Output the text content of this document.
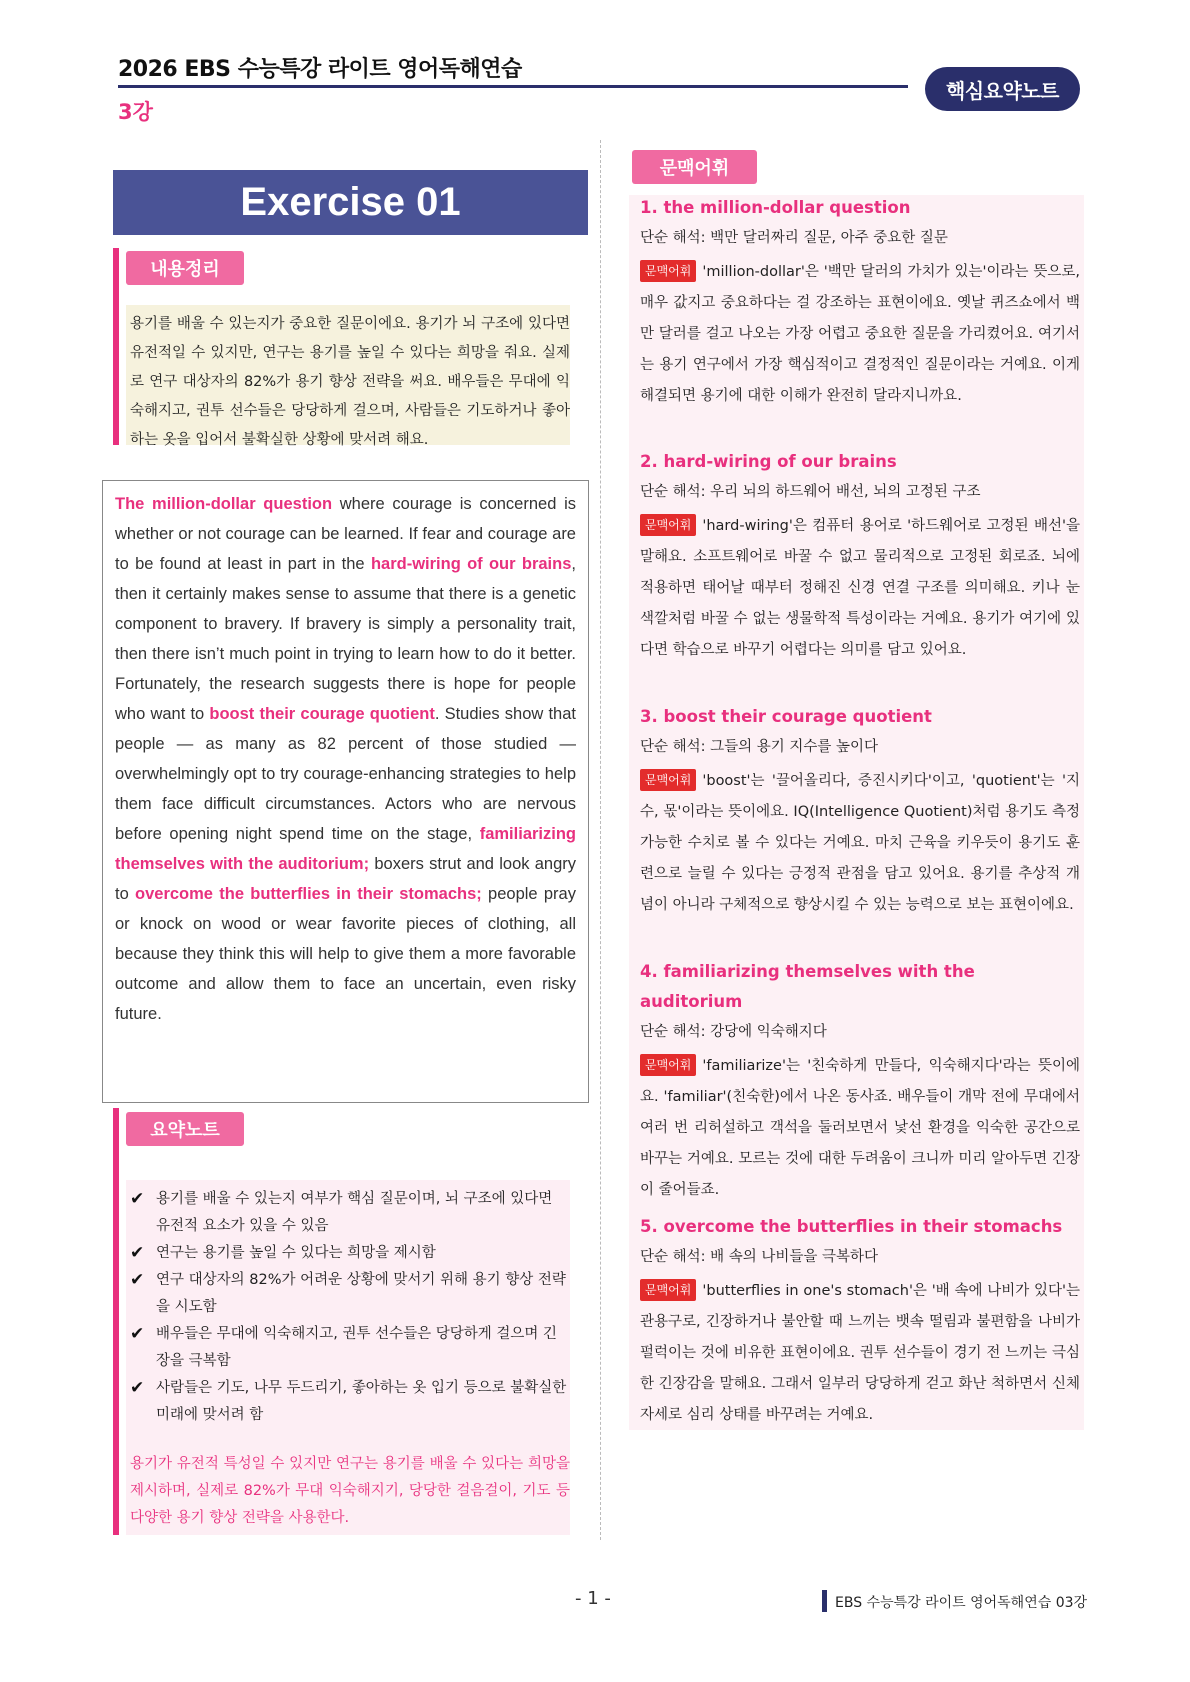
2026 EBS 수능특강 라이트 영어독해연습
3강
핵심요약노트
Exercise 01
내용정리
용기를 배울 수 있는지가 중요한 질문이에요. 용기가 뇌 구조에 있다면 유전적일 수 있지만, 연구는 용기를 높일 수 있다는 희망을 줘요. 실제로 연구 대상자의 82%가 용기 향상 전략을 써요. 배우들은 무대에 익숙해지고, 권투 선수들은 당당하게 걸으며, 사람들은 기도하거나 좋아하는 옷을 입어서 불확실한 상황에 맞서려 해요.
The million-dollar question where courage is concerned is whether or not courage can be learned. If fear and courage are to be found at least in part in the hard-wiring of our brains, then it certainly makes sense to assume that there is a genetic component to bravery. If bravery is simply a personality trait, then there isn’t much point in trying to learn how to do it better. Fortunately, the research suggests there is hope for people who want to boost their courage quotient. Studies show that people — as many as 82 percent of those studied — overwhelmingly opt to try courage-enhancing strategies to help them face difficult circumstances. Actors who are nervous before opening night spend time on the stage, familiarizing themselves with the auditorium; boxers strut and look angry to overcome the butterflies in their stomachs; people pray or knock on wood or wear favorite pieces of clothing, all because they think this will help to give them a more favorable outcome and allow them to face an uncertain, even risky future.
요약노트
✔ 용기를 배울 수 있는지 여부가 핵심 질문이며, 뇌 구조에 있다면 유전적 요소가 있을 수 있음
✔ 연구는 용기를 높일 수 있다는 희망을 제시함
✔ 연구 대상자의 82%가 어려운 상황에 맞서기 위해 용기 향상 전략을 시도함
✔ 배우들은 무대에 익숙해지고, 권투 선수들은 당당하게 걸으며 긴장을 극복함
✔ 사람들은 기도, 나무 두드리기, 좋아하는 옷 입기 등으로 불확실한 미래에 맞서려 함
용기가 유전적 특성일 수 있지만 연구는 용기를 배울 수 있다는 희망을 제시하며, 실제로 82%가 무대 익숙해지기, 당당한 걸음걸이, 기도 등 다양한 용기 향상 전략을 사용한다.
문맥어휘
1. the million-dollar question
단순 해석: 백만 달러짜리 질문, 아주 중요한 질문
문맥어휘 'million-dollar'은 '백만 달러의 가치가 있는'이라는 뜻으로, 매우 값지고 중요하다는 걸 강조하는 표현이에요. 옛날 퀴즈쇼에서 백만 달러를 걸고 나오는 가장 어렵고 중요한 질문을 가리켰어요. 여기서는 용기 연구에서 가장 핵심적이고 결정적인 질문이라는 거예요. 이게 해결되면 용기에 대한 이해가 완전히 달라지니까요.
2. hard-wiring of our brains
단순 해석: 우리 뇌의 하드웨어 배선, 뇌의 고정된 구조
문맥어휘 'hard-wiring'은 컴퓨터 용어로 '하드웨어로 고정된 배선'을 말해요. 소프트웨어로 바꿀 수 없고 물리적으로 고정된 회로죠. 뇌에 적용하면 태어날 때부터 정해진 신경 연결 구조를 의미해요. 키나 눈 색깔처럼 바꿀 수 없는 생물학적 특성이라는 거예요. 용기가 여기에 있다면 학습으로 바꾸기 어렵다는 의미를 담고 있어요.
3. boost their courage quotient
단순 해석: 그들의 용기 지수를 높이다
문맥어휘 'boost'는 '끌어올리다, 증진시키다'이고, 'quotient'는 '지수, 몫'이라는 뜻이에요. IQ(Intelligence Quotient)처럼 용기도 측정 가능한 수치로 볼 수 있다는 거예요. 마치 근육을 키우듯이 용기도 훈련으로 늘릴 수 있다는 긍정적 관점을 담고 있어요. 용기를 추상적 개념이 아니라 구체적으로 향상시킬 수 있는 능력으로 보는 표현이에요.
4. familiarizing themselves with the auditorium
단순 해석: 강당에 익숙해지다
문맥어휘 'familiarize'는 '친숙하게 만들다, 익숙해지다'라는 뜻이에요. 'familiar'(친숙한)에서 나온 동사죠. 배우들이 개막 전에 무대에서 여러 번 리허설하고 객석을 둘러보면서 낯선 환경을 익숙한 공간으로 바꾸는 거예요. 모르는 것에 대한 두려움이 크니까 미리 알아두면 긴장이 줄어들죠.
5. overcome the butterflies in their stomachs
단순 해석: 배 속의 나비들을 극복하다
문맥어휘 'butterflies in one's stomach'은 '배 속에 나비가 있다'는 관용구로, 긴장하거나 불안할 때 느끼는 뱃속 떨림과 불편함을 나비가 펄럭이는 것에 비유한 표현이에요. 권투 선수들이 경기 전 느끼는 극심한 긴장감을 말해요. 그래서 일부러 당당하게 걷고 화난 척하면서 신체 자세로 심리 상태를 바꾸려는 거예요.
- 1 -	EBS 수능특강 라이트 영어독해연습 03강
